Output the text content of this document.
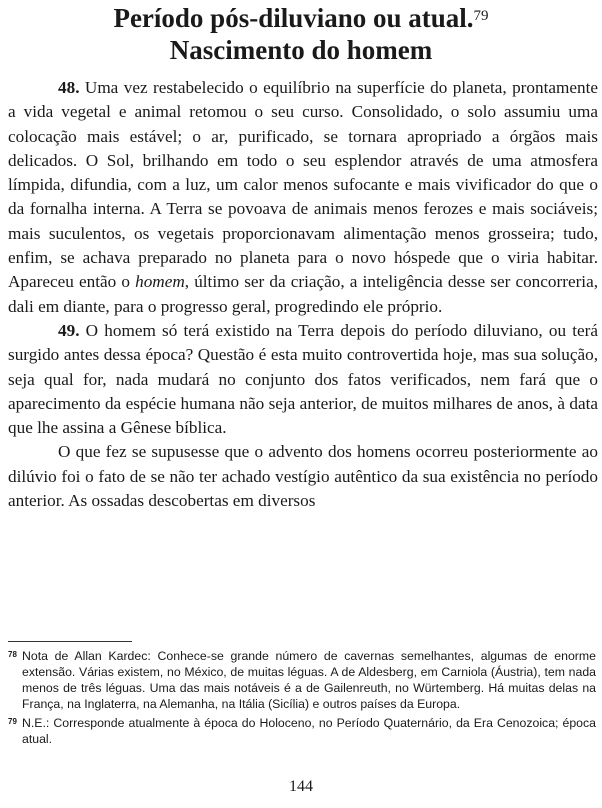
Período pós-diluviano ou atual.$^{79}$
Nascimento do homem

48. Uma vez restabelecido o equilíbrio na superfície do planeta, prontamente a vida vegetal e animal retomou o seu curso. Consolidado, o solo assumiu uma colocação mais estável; o ar, purificado, se tornara apropriado a órgãos mais delicados. O Sol, brilhando em todo o seu esplendor através de uma atmosfera límpida, difundia, com a luz, um calor menos sufocante e mais vivificador do que o da fornalha interna. A Terra se povoava de animais menos ferozes e mais sociáveis; mais suculentos, os vegetais proporcionavam alimentação menos grosseira; tudo, enfim, se achava preparado no planeta para o novo hóspede que o viria habitar. Apareceu então o homem, último ser da criação, a inteligência desse ser concorreria, dali em diante, para o progresso geral, progredindo ele próprio.

49. O homem só terá existido na Terra depois do período diluviano, ou terá surgido antes dessa época? Questão é esta muito controvertida hoje, mas sua solução, seja qual for, nada mudará no conjunto dos fatos verificados, nem fará que o aparecimento da espécie humana não seja anterior, de muitos milhares de anos, à data que lhe assina a Gênese bíblica.

O que fez se supusesse que o advento dos homens ocorreu posteriormente ao dilúvio foi o fato de se não ter achado vestígio autêntico da sua existência no período anterior. As ossadas descobertas em diversos

78 Nota de Allan Kardec: Conhece-se grande número de cavernas semelhantes, algumas de enorme extensão. Várias existem, no México, de muitas léguas. A de Aldesberg, em Carniola (Áustria), tem nada menos de três léguas. Uma das mais notáveis é a de Gailenreuth, no Würtemberg. Há muitas delas na França, na Inglaterra, na Alemanha, na Itália (Sicília) e outros países da Europa.
79 N.E.: Corresponde atualmente à época do Holoceno, no Período Quaternário, da Era Cenozoica; época atual.
144
